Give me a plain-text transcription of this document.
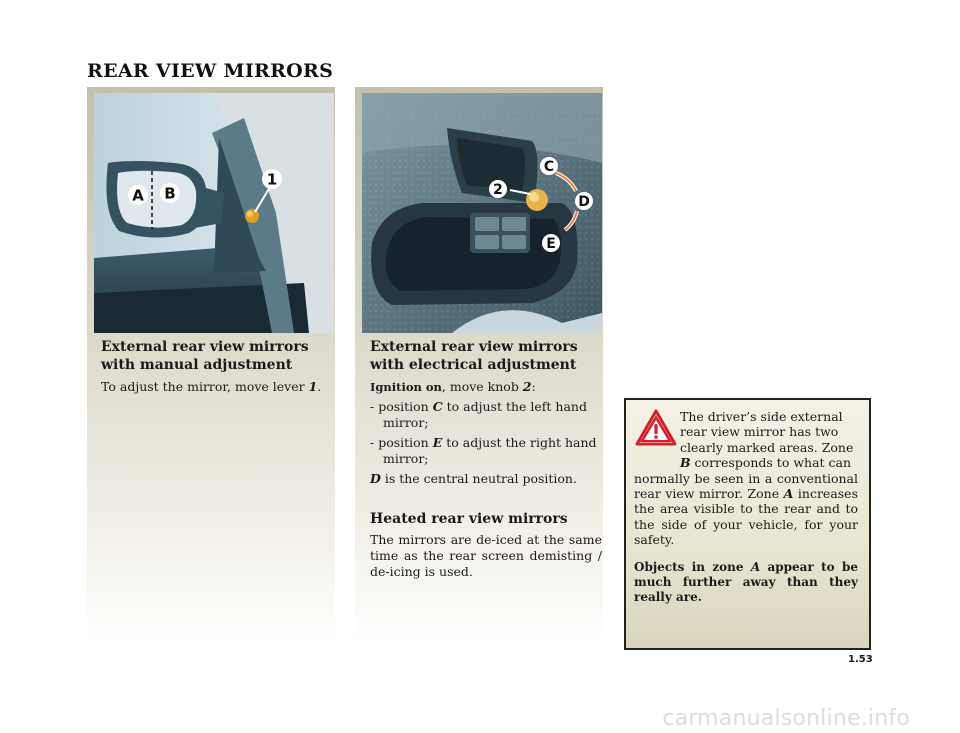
REAR VIEW MIRRORS
A B
1
2
C
D
E
External rear view mirrors with manual adjustment
To adjust the mirror, move lever 1.
External rear view mirrors with electrical adjustment
Ignition on, move knob 2:
- position C to adjust the left hand
mirror;
- position E to adjust the right hand
mirror;
D is the central neutral position.
Heated rear view mirrors
The mirrors are de-iced at the same time as the rear screen demisting / de-icing is used.
The driver’s side external
rear view mirror has two
clearly marked areas. Zone
B corresponds to what can
normally be seen in a conventional rear view mirror. Zone A increases the area visible to the rear and to the side of your vehicle, for your safety.
Objects in zone A appear to be much further away than they really are.
1.53
carmanualsonline.info
